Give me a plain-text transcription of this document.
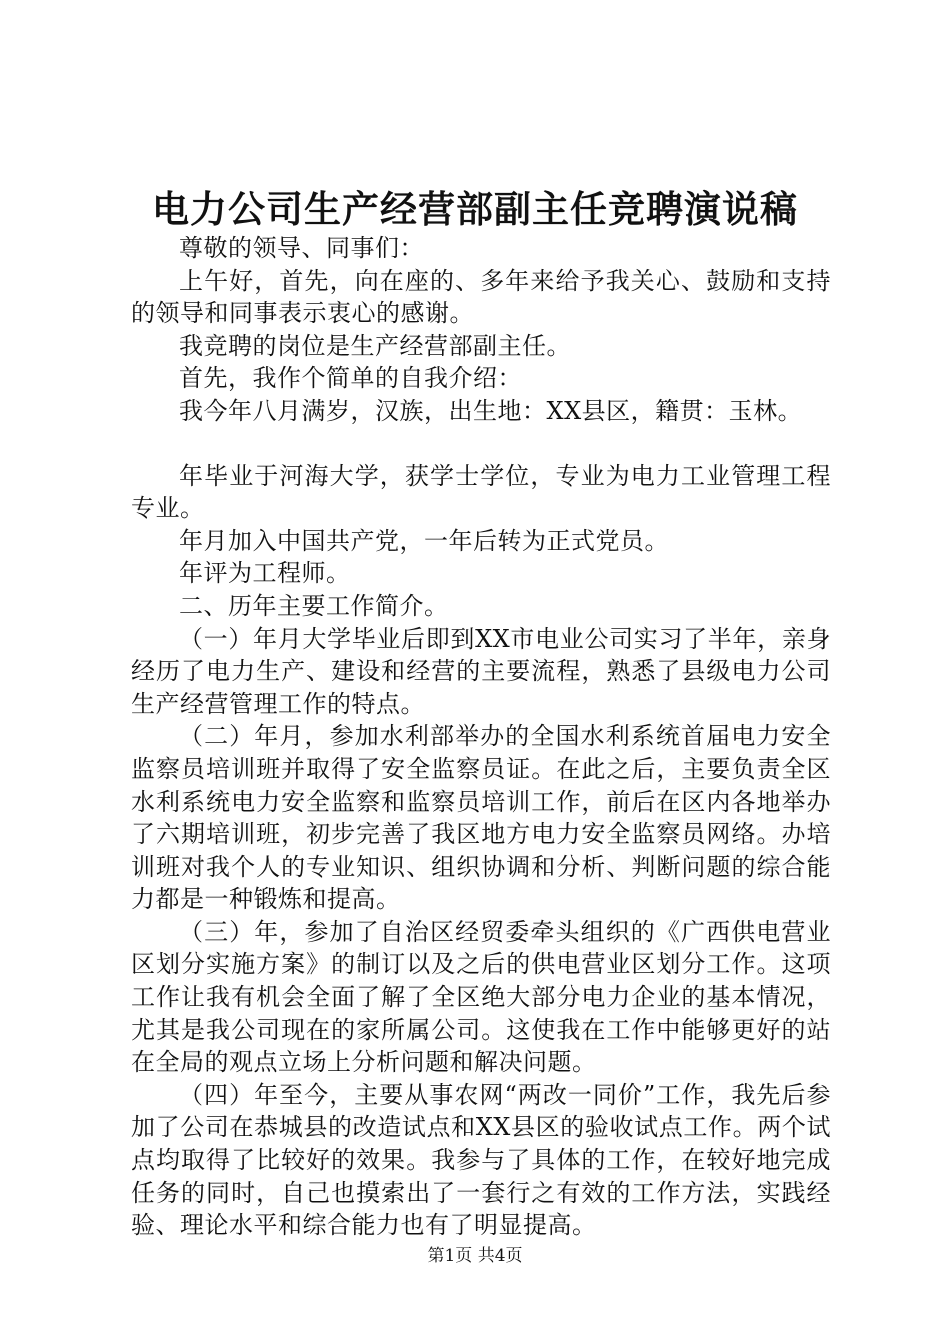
电力公司生产经营部副主任竞聘演说稿

尊敬的领导、同事们：

上午好，首先，向在座的、多年来给予我关心、鼓励和支持的领导和同事表示衷心的感谢。

我竞聘的岗位是生产经营部副主任。

首先，我作个简单的自我介绍：

我今年八月满岁，汉族，出生地：XX县区，籍贯：玉林。

年毕业于河海大学，获学士学位，专业为电力工业管理工程专业。

年月加入中国共产党，一年后转为正式党员。

年评为工程师。

二、历年主要工作简介。

（一）年月大学毕业后即到XX市电业公司实习了半年，亲身经历了电力生产、建设和经营的主要流程，熟悉了县级电力公司生产经营管理工作的特点。

（二）年月，参加水利部举办的全国水利系统首届电力安全监察员培训班并取得了安全监察员证。在此之后，主要负责全区水利系统电力安全监察和监察员培训工作，前后在区内各地举办了六期培训班，初步完善了我区地方电力安全监察员网络。办培训班对我个人的专业知识、组织协调和分析、判断问题的综合能力都是一种锻炼和提高。

（三）年，参加了自治区经贸委牵头组织的《广西供电营业区划分实施方案》的制订以及之后的供电营业区划分工作。这项工作让我有机会全面了解了全区绝大部分电力企业的基本情况，尤其是我公司现在的家所属公司。这使我在工作中能够更好的站在全局的观点立场上分析问题和解决问题。

（四）年至今，主要从事农网“两改一同价”工作，我先后参加了公司在恭城县的改造试点和XX县区的验收试点工作。两个试点均取得了比较好的效果。我参与了具体的工作，在较好地完成任务的同时，自己也摸索出了一套行之有效的工作方法，实践经验、理论水平和综合能力也有了明显提高。

第1页 共4页
